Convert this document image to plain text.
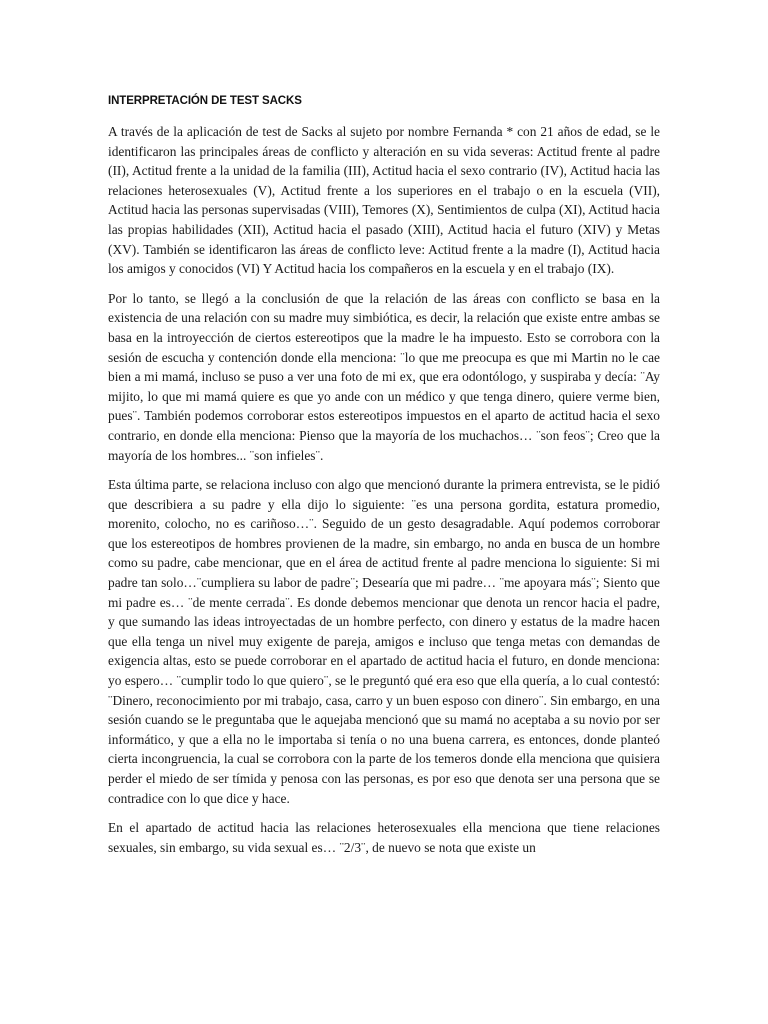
INTERPRETACIÓN DE TEST SACKS

A través de la aplicación de test de Sacks al sujeto por nombre Fernanda * con 21 años de edad, se le identificaron las principales áreas de conflicto y alteración en su vida severas: Actitud frente al padre (II), Actitud frente a la unidad de la familia (III), Actitud hacia el sexo contrario (IV), Actitud hacia las relaciones heterosexuales (V), Actitud frente a los superiores en el trabajo o en la escuela (VII), Actitud hacia las personas supervisadas (VIII), Temores (X), Sentimientos de culpa (XI), Actitud hacia las propias habilidades (XII), Actitud hacia el pasado (XIII), Actitud hacia el futuro (XIV) y Metas (XV). También se identificaron las áreas de conflicto leve: Actitud frente a la madre (I), Actitud hacia los amigos y conocidos (VI) Y Actitud hacia los compañeros en la escuela y en el trabajo (IX).

Por lo tanto, se llegó a la conclusión de que la relación de las áreas con conflicto se basa en la existencia de una relación con su madre muy simbiótica, es decir, la relación que existe entre ambas se basa en la introyección de ciertos estereotipos que la madre le ha impuesto. Esto se corrobora con la sesión de escucha y contención donde ella menciona: ¨lo que me preocupa es que mi Martin no le cae bien a mi mamá, incluso se puso a ver una foto de mi ex, que era odontólogo, y suspiraba y decía: ¨Ay mijito, lo que mi mamá quiere es que yo ande con un médico y que tenga dinero, quiere verme bien, pues¨. También podemos corroborar estos estereotipos impuestos en el aparto de actitud hacia el sexo contrario, en donde ella menciona: Pienso que la mayoría de los muchachos… ¨son feos¨; Creo que la mayoría de los hombres... ¨son infieles¨.

Esta última parte, se relaciona incluso con algo que mencionó durante la primera entrevista, se le pidió que describiera a su padre y ella dijo lo siguiente: ¨es una persona gordita, estatura promedio, morenito, colocho, no es cariñoso…¨. Seguido de un gesto desagradable. Aquí podemos corroborar que los estereotipos de hombres provienen de la madre, sin embargo, no anda en busca de un hombre como su padre, cabe mencionar, que en el área de actitud frente al padre menciona lo siguiente: Si mi padre tan solo…¨cumpliera su labor de padre¨; Desearía que mi padre… ¨me apoyara más¨; Siento que mi padre es… ¨de mente cerrada¨. Es donde debemos mencionar que denota un rencor hacia el padre, y que sumando las ideas introyectadas de un hombre perfecto, con dinero y estatus de la madre hacen que ella tenga un nivel muy exigente de pareja, amigos e incluso que tenga metas con demandas de exigencia altas, esto se puede corroborar en el apartado de actitud hacia el futuro, en donde menciona: yo espero… ¨cumplir todo lo que quiero¨, se le preguntó qué era eso que ella quería, a lo cual contestó: ¨Dinero, reconocimiento por mi trabajo, casa, carro y un buen esposo con dinero¨. Sin embargo, en una sesión cuando se le preguntaba que le aquejaba mencionó que su mamá no aceptaba a su novio por ser informático, y que a ella no le importaba si tenía o no una buena carrera, es entonces, donde planteó cierta incongruencia, la cual se corrobora con la parte de los temeros donde ella menciona que quisiera perder el miedo de ser tímida y penosa con las personas, es por eso que denota ser una persona que se contradice con lo que dice y hace.

En el apartado de actitud hacia las relaciones heterosexuales ella menciona que tiene relaciones sexuales, sin embargo, su vida sexual es… ¨2/3¨, de nuevo se nota que existe un
